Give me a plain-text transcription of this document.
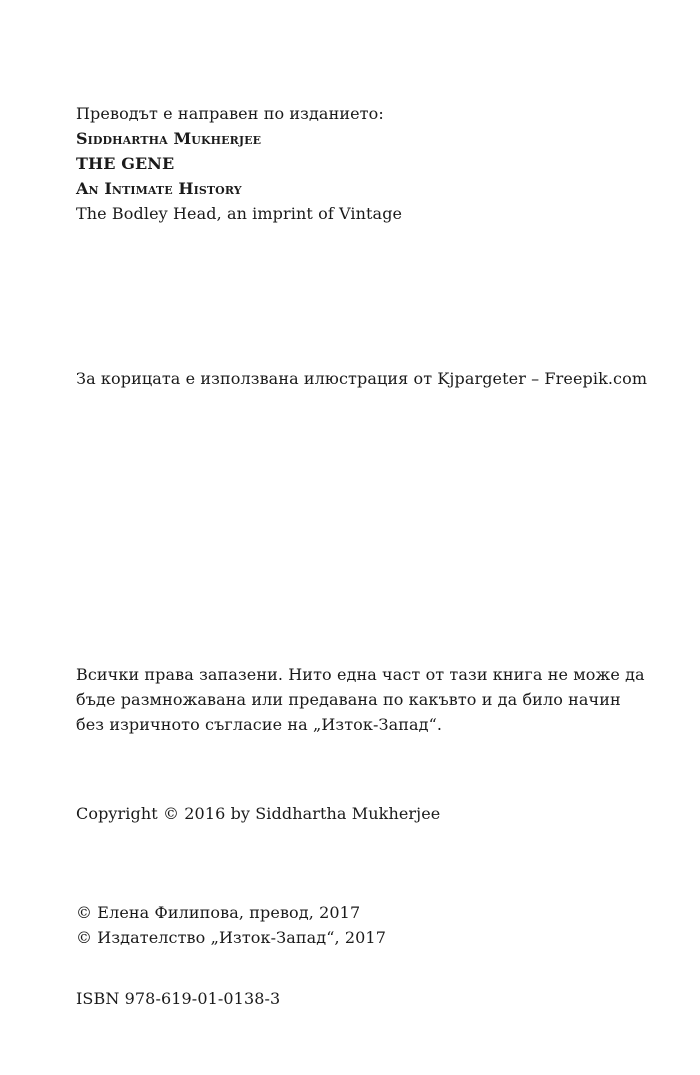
Преводът е направен по изданието:
Siddhartha Mukherjee
THE GENE
An Intimate History
The Bodley Head, an imprint of Vintage
За корицата е използвана илюстрация от Kjpargeter – Freepik.com
Всички права запазени. Нито една част от тази книга не може да
бъде размножавана или предавана по какъвто и да било начин
без изричното съгласие на „Изток-Запад“.
Copyright © 2016 by Siddhartha Mukherjee
© Елена Филипова, превод, 2017
© Издателство „Изток-Запад“, 2017
ISBN 978-619-01-0138-3
